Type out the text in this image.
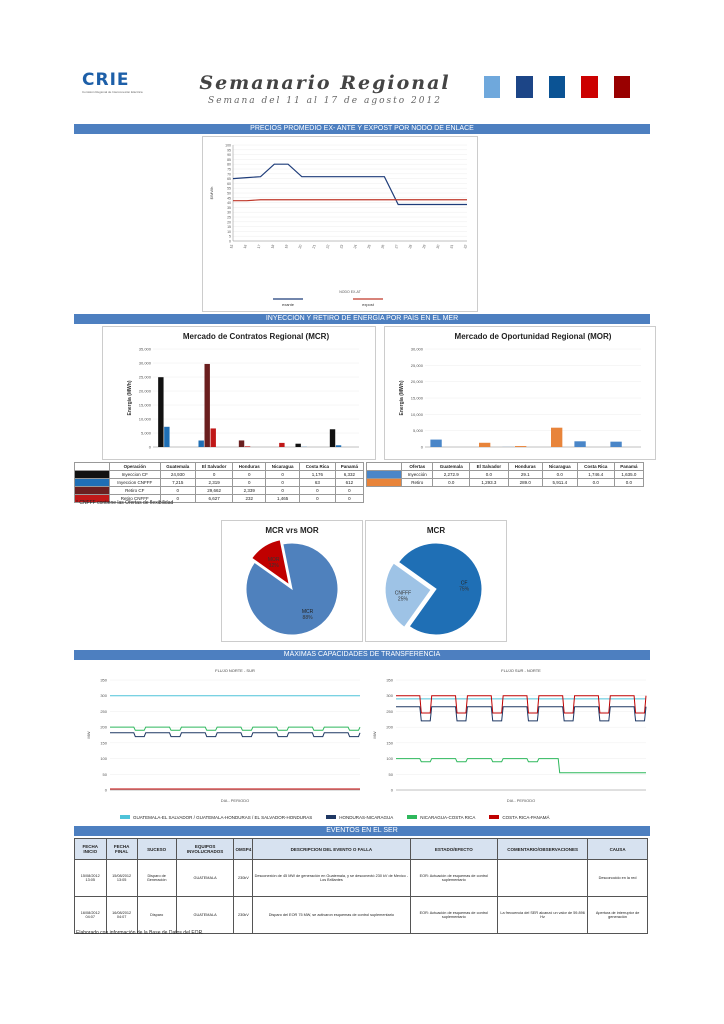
CRIE
Comisión Regional de Interconexión Eléctrica	Semanario Regional
Semana del 11 al 17 de agosto 2012
PRECIOS PROMEDIO EX- ANTE Y EXPOST POR NODO DE ENLACE
0
5
10
15
20
25
30
35
40
45
50
55
60
65
70
75
80
85
90
95
100
$/MWh
15	16	17	18	19	20	21	22	23	24	25	26	27	28	29	30	31	32
NODO EX-AT
exante	expost
INYECCIÓN Y RETIRO DE ENERGÍA POR PAÍS EN EL MER
Mercado de Contratos Regional (MCR)
0
5,000
10,000
15,000
20,000
25,000
30,000
35,000
Energía (MWh)
Mercado de Oportunidad Regional (MOR)
0
5,000
10,000
15,000
20,000
25,000
30,000
Energía (MWh)
	Operación	Guatemala	El Salvador	Honduras	Nicaragua	Costa Rica	Panamá
	Inyeccion CF	24,930	0	0	0	1,176	6,332
	Inyeccion CNFFF	7,215	2,319	0	0	63	612
	Retiro CF	0	29,662	2,339	0	0	0
	Retiro CNFFF	0	6,627	232	1,465	0	0
* CNFFF contiene las Ofertas de flexibilidad
	Ofertas	Guatemala	El Salvador	Honduras	Nicaragua	Costa Rica	Panamá
	Inyección	2,272.9	0.0	29.1	0.0	1,746.4	1,635.0
	Retiro	0.0	1,293.3	289.0	5,911.4	0.0	0.0
MCR vrs MOR
MCR
88%
MOR
12%
MCR
CF
75%
CNFFF
25%
MÁXIMAS CAPACIDADES DE TRANSFERENCIA
FLUJO NORTE - SUR
0
50
100
150
200
250
300
350
MW
DIA - PERIODO
FLUJO SUR - NORTE
0
50
100
150
200
250
300
350
MW
DIA - PERIODO
GUATEMALA-EL SALVADOR / GUATEMALA-HONDURAS / EL SALVADOR-HONDURAS	HONDURAS-NICARAGUA	NICARAGUA-COSTA RICA	COSTA RICA-PANAMÁ
EVENTOS EN EL SER
FECHA INICIO	FECHA FINAL	SUCESO	EQUIPOS INVOLUCRADOS	OMSP4	DESCRIPCION DEL EVENTO O FALLA	ESTADO/EFECTO	COMENTARIO/OBSERVACIONES	CAUSA
15/08/2012 13:05	15/08/2012 13:05	Disparo de Generación	GUATEMALA	230kV	Desconexión de 45 MW de generación en Guatemala, y se desconectó 230 kV de Mexico - Los Brillantes	EOR: Actuación de esquemas de control suplementario		Desconocido en la red
16/08/2012 04:07	16/08/2012 04:07	Disparo	GUATEMALA	230kV	Disparo del EOR 75 MW, se activaron esquemas de control suplementario	EOR: Actuación de esquemas de control suplementario	La frecuencia del SER alcanzó un valor de 59.896 Hz	Apertura de interruptor de generación
Elaborado con información de la Base de Datos del EOR.
